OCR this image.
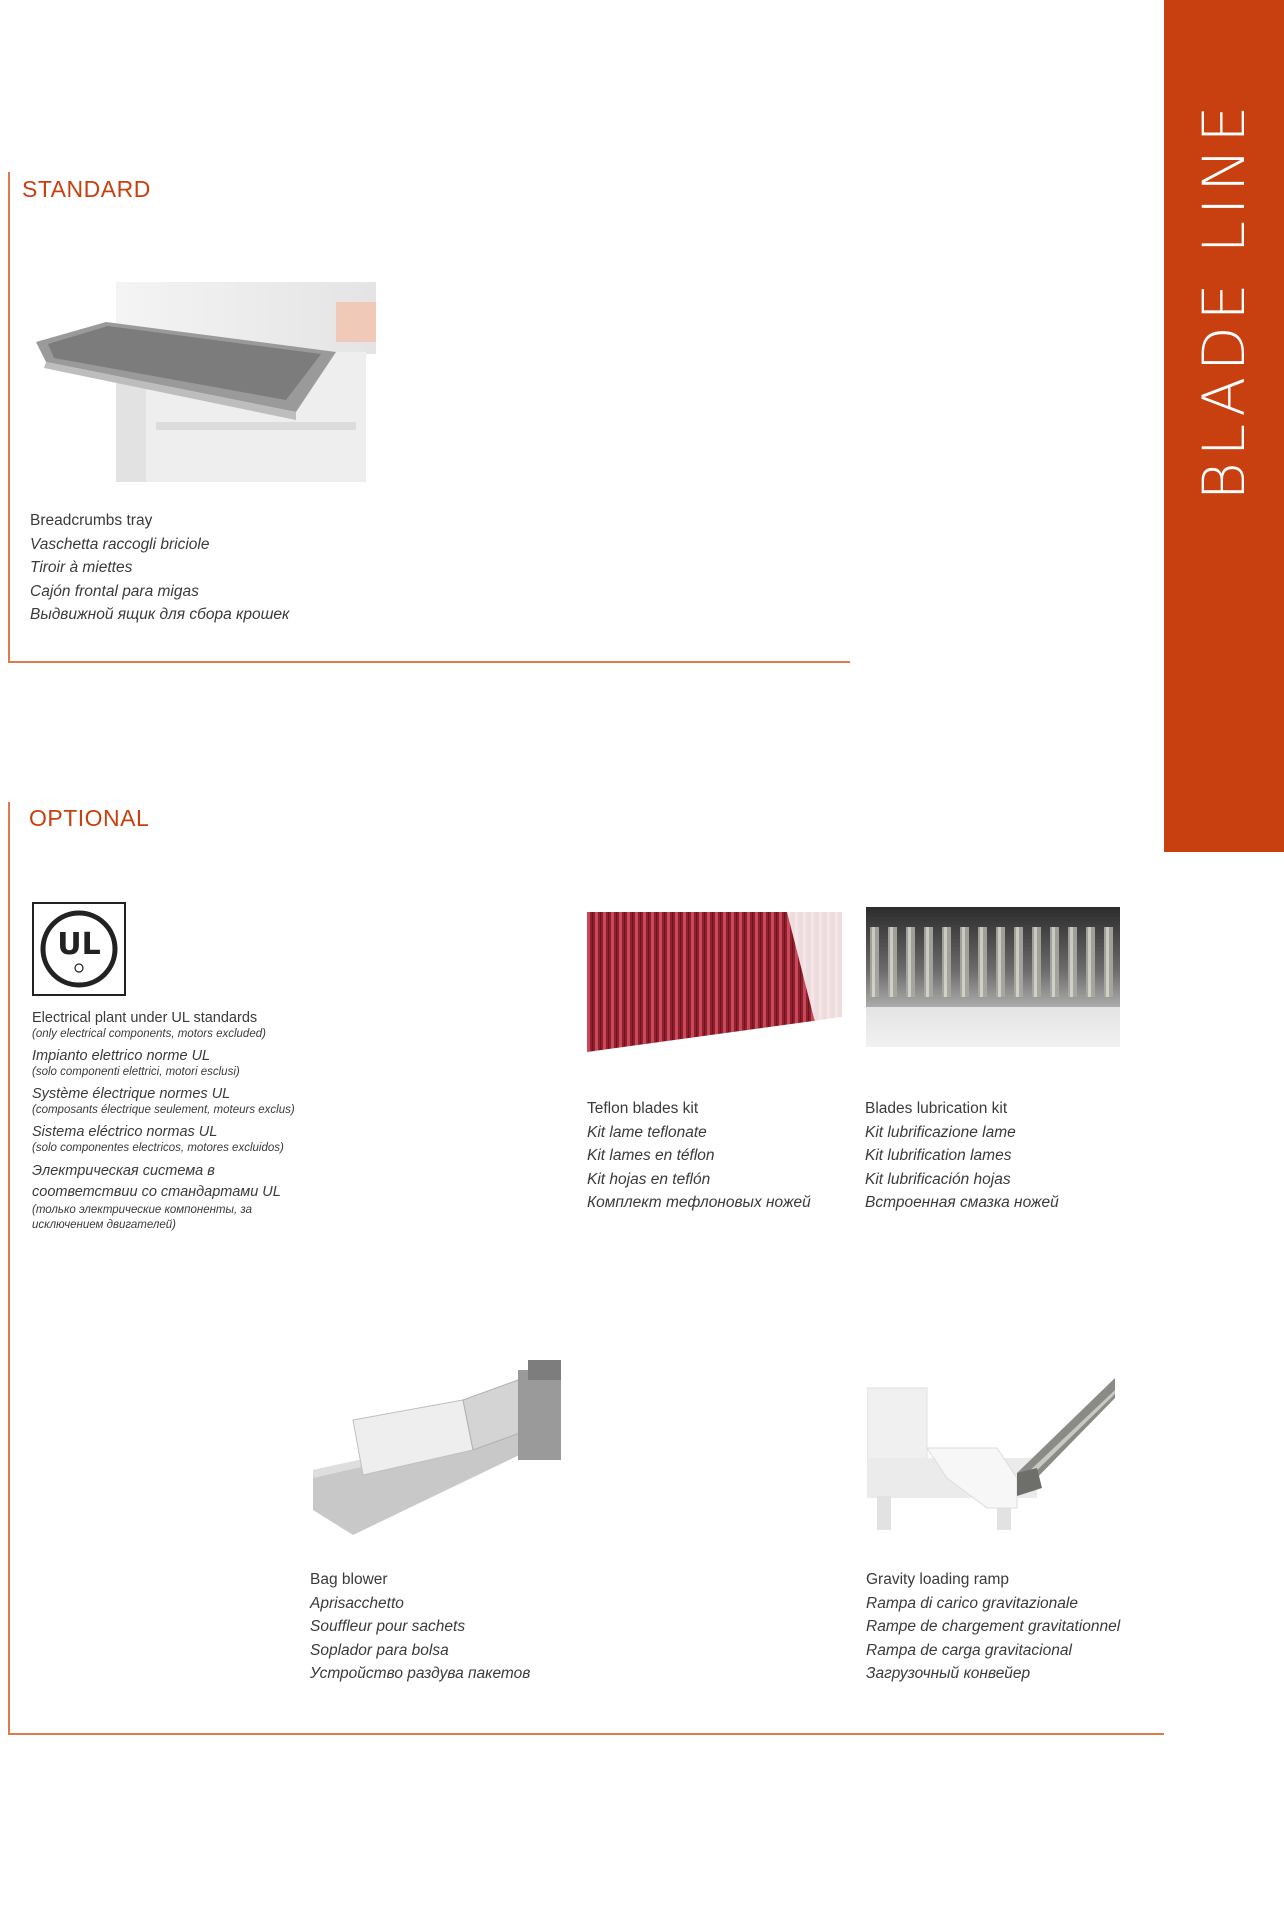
BLADE LINE
STANDARD

Breadcrumbs tray

Vaschetta raccogli briciole

Tiroir à miettes

Cajón frontal para migas

Выдвижной ящик для сбора крошек

OPTIONAL
UL

Electrical plant under UL standards

(only electrical components, motors excluded)

Impianto elettrico norme UL

(solo componenti elettrici, motori esclusi)

Système électrique normes UL

(composants électrique seulement, moteurs exclus)

Sistema eléctrico normas UL

(solo componentes electricos, motores excluidos)

Электрическая система в соответствии со стандартами UL

(только электрические компоненты, за исключением двигателей)

Teflon blades kit

Kit lame teflonate

Kit lames en téflon

Kit hojas en teflón

Комплект тефлоновых ножей

Blades lubrication kit

Kit lubrificazione lame

Kit lubrification lames

Kit lubrificación hojas

Встроенная смазка ножей

Bag blower

Aprisacchetto

Souffleur pour sachets

Soplador para bolsa

Устройство раздува пакетов

Gravity loading ramp

Rampa di carico gravitazionale

Rampe de chargement gravitationnel

Rampa de carga gravitacional

Загрузочный конвейер
